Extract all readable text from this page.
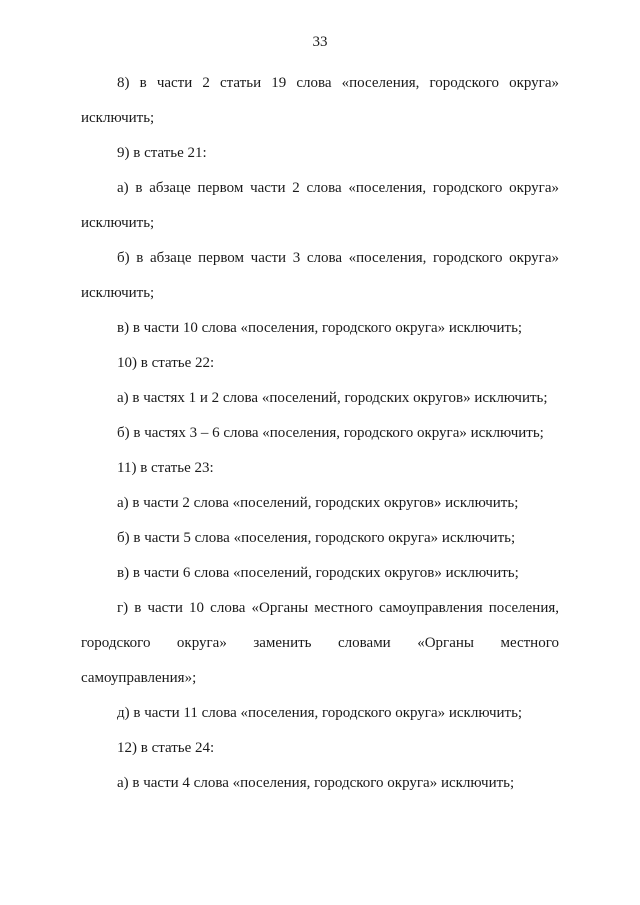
33
8) в части 2 статьи 19 слова «поселения, городского округа» исключить;
9) в статье 21:
а) в абзаце первом части 2 слова «поселения, городского округа» исключить;
б) в абзаце первом части 3 слова «поселения, городского округа» исключить;
в) в части 10 слова «поселения, городского округа» исключить;
10) в статье 22:
а) в частях 1 и 2 слова «поселений, городских округов» исключить;
б) в частях 3 – 6 слова «поселения, городского округа» исключить;
11) в статье 23:
а) в части 2 слова «поселений, городских округов» исключить;
б) в части 5 слова «поселения, городского округа» исключить;
в) в части 6 слова «поселений, городских округов» исключить;
г) в части 10 слова «Органы местного самоуправления поселения, городского округа» заменить словами «Органы местного самоуправления»;
д) в части 11 слова «поселения, городского округа» исключить;
12) в статье 24:
а) в части 4 слова «поселения, городского округа» исключить;
